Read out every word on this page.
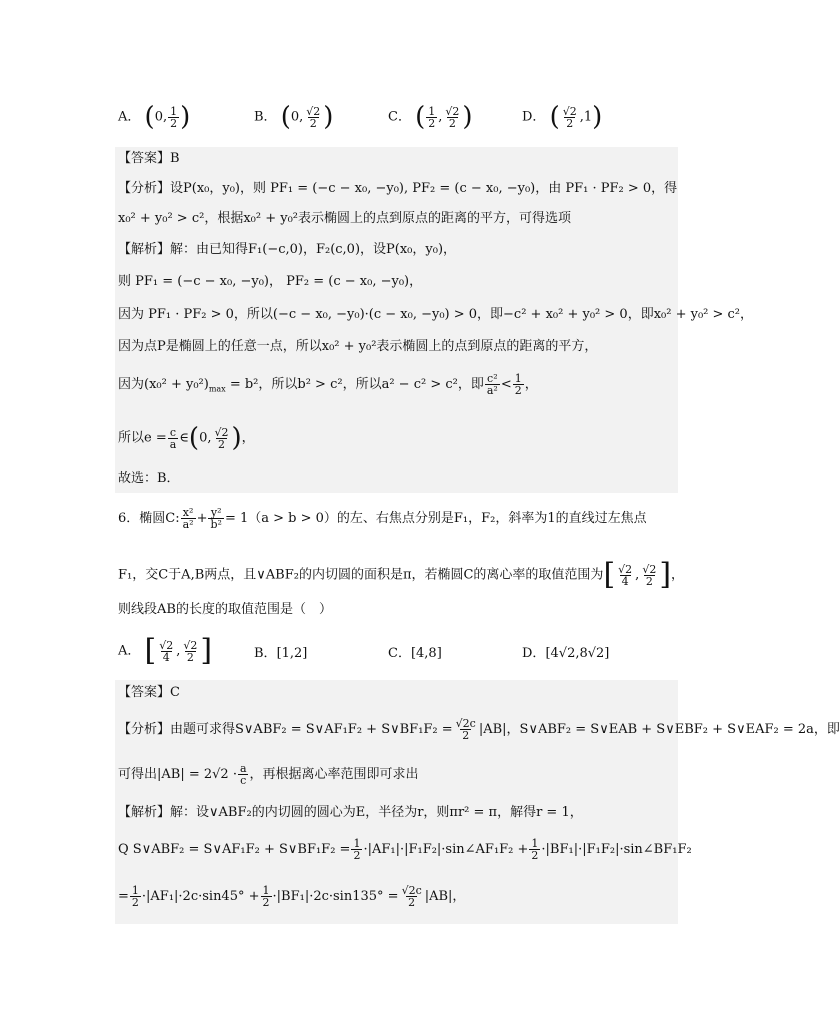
A． (0, $\frac{1}{2}$ )	B． (0, $\frac{√2}{2}$ )	C． ( $\frac{1}{2}$ , $\frac{√2}{2}$ )	D． ( $\frac{√2}{2} ,1$)
【答案】B
【分析】设P(x₀，y₀)，则 PF₁ = (−c − x₀, −y₀), PF₂ = (c − x₀, −y₀)，由 PF₁ · PF₂ > 0，得
x₀² + y₀² > c²，根据x₀² + y₀²表示椭圆上的点到原点的距离的平方，可得选项
【解析】解：由已知得F₁(−c,0)，F₂(c,0)，设P(x₀，y₀)，
则 PF₁ = (−c − x₀, −y₀)， PF₂ = (c − x₀, −y₀)，
因为 PF₁ · PF₂ > 0，所以(−c − x₀, −y₀)·(c − x₀, −y₀) > 0，即−c² + x₀² + y₀² > 0，即x₀² + y₀² > c²，
因为点P是椭圆上的任意一点，所以x₀² + y₀²表示椭圆上的点到原点的距离的平方，
因为$(x_0^2 + y_0^2)_{max} = b^2$，所以b² > c²，所以a² − c² > c²，即 $\frac{\text{c²}}{\text{a²}} < \frac{1}{2}$ ，
所以$e = \frac{c}{a}$ ∈(0, $\frac{√2}{2}$ )，
故选：B．
6．椭圆C: $\frac{\text{x²}}{\text{a²}} + \frac{\text{y²}}{\text{b²}} = 1(a > b > 0)$的左、右焦点分别是F₁，F₂，斜率为1的直线过左焦点
F₁，交C于A,B两点，且∨ABF₂的内切圆的面积是π，若椭圆C的离心率的取值范围为[ $\frac{√2}{4}$ , $\frac{√2}{2}$ ]，
则线段AB的长度的取值范围是（　）
A． [ $\frac{√2}{4}$ , $\frac{√2}{2}$ ]	B．[1,2]	C．[4,8]	D．[4√2,8√2]
【答案】C
【分析】由题可求得S∨ABF₂ = S∨AF₁F₂ + S∨BF₁F₂ = $\frac{√2c}{2} |AB|$，S∨ABF₂ = S∨EAB + S∨EBF₂ + S∨EAF₂ = 2a，即
可得出$|AB| = 2√2 \cdot \frac{a}{c}$ ，再根据离心率范围即可求出
【解析】解：设∨ABF₂的内切圆的圆心为E，半径为r，则πr² = π，解得r = 1，
Q S∨ABF₂ = S∨AF₁F₂ + S∨BF₁F₂ = $\frac{1}{2}$ ·|AF₁|·|F₁F₂|·sin∠AF₁F₂ + $\frac{1}{2}$ ·|BF₁|·|F₁F₂|·sin∠BF₁F₂
= $\frac{1}{2} \cdot|AF_1|\cdot 2c\cdot\sin 45^\circ + \frac{1}{2} \cdot|BF_1|\cdot 2c\cdot\sin 135^\circ = \frac{√2c}{2} |AB|$，
